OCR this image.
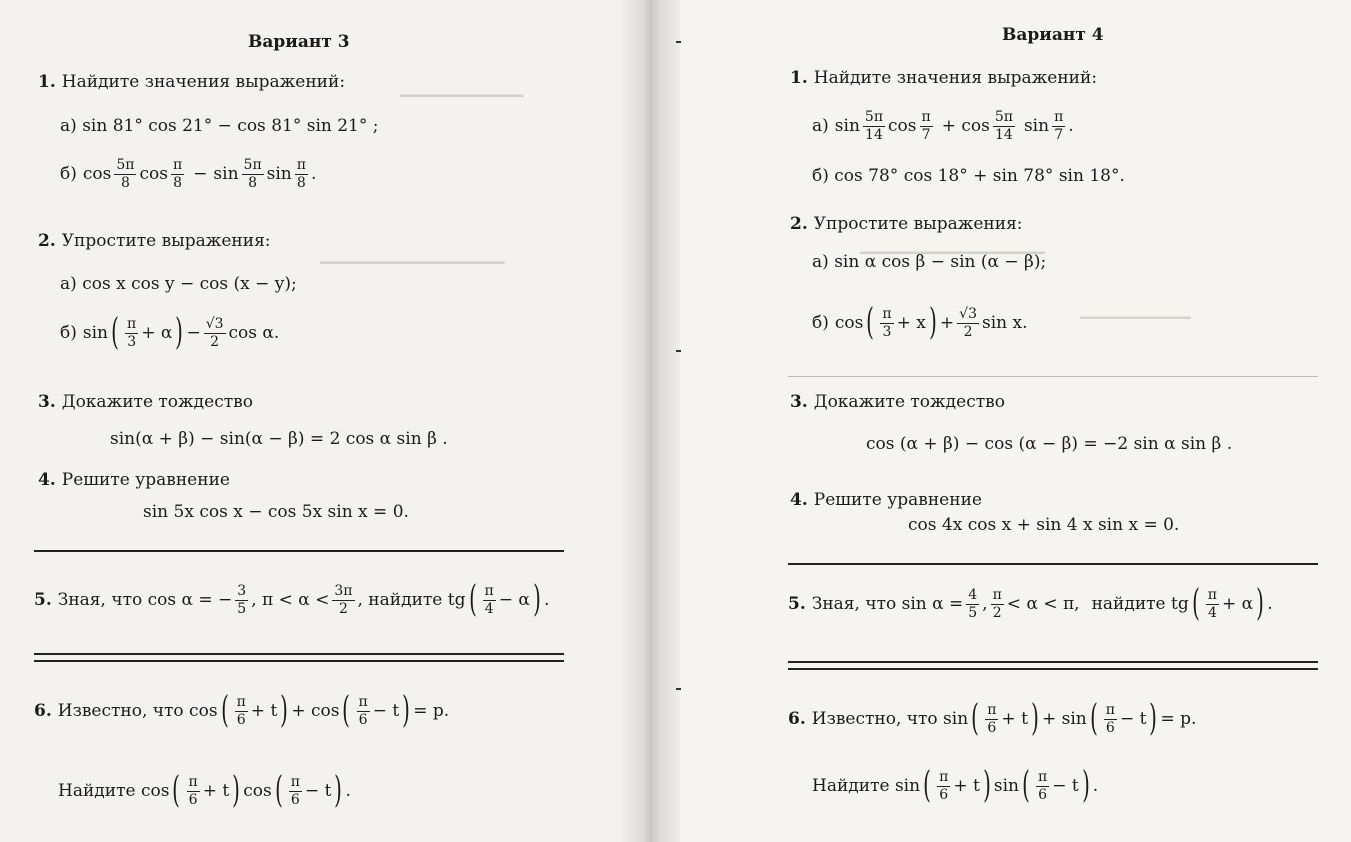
▁▁▁▁▁▁▁▁▁▁
▁▁▁▁▁▁▁▁▁▁▁▁▁▁▁
▁▁▁▁▁▁▁▁▁▁▁▁▁▁▁
▁▁▁▁▁▁▁▁▁
Вариант 3
1. Найдите значения выражений:
а) sin 81° cos 21° − cos 81° sin 21° ;
б) $\cos \frac{5\pi}{8}$ $\cos \frac{\pi}{8} - \sin \frac{5\pi}{8}$ $\sin \frac{\pi}{8}$ .
2. Упростите выражения:
а) cos x cos y − cos (x − y);
б) sin ( $\frac{\pi}{3} + \alpha$ ) − $\frac{√3}{2}$ cos α.
3. Докажите тождество
sin(α + β) − sin(α − β) = 2 cos α sin β .
4. Решите уравнение
sin 5x cos x − cos 5x sin x = 0.
5. Зная, что cos α = − $\frac{3}{5}$ , $\pi < \alpha < \frac{3\pi}{2}$ , найдите tg ( $\frac{\pi}{4} - \alpha$ ) .
6. Известно, что cos ( $\frac{\pi}{6} + t$ ) + cos ( $\frac{\pi}{6} - t$ ) = p.
Найдите cos ( $\frac{\pi}{6} + t$ ) cos ( $\frac{\pi}{6} - t$ ) .
Вариант 4
1. Найдите значения выражений:
а) $\sin \frac{5\pi}{14}$ $\cos \frac{\pi}{7} + \cos \frac{5\pi}{14}$ $\sin \frac{\pi}{7}$ .
б) cos 78° cos 18° + sin 78° sin 18°.
2. Упростите выражения:
а) sin α cos β − sin (α − β);
б) cos ( $\frac{\pi}{3} + x$ ) + $\frac{√3}{2}$ sin x.
3. Докажите тождество
cos (α + β) − cos (α − β) = −2 sin α sin β .
4. Решите уравнение
cos 4x cos x + sin 4 x sin x = 0.
5. Зная, что $\sin \alpha = \frac{4}{5}$ , $\frac{\pi}{2} < \alpha < \pi$, найдите tg ( $\frac{\pi}{4} + \alpha$ ) .
6. Известно, что sin ( $\frac{\pi}{6} + t$ ) + sin ( $\frac{\pi}{6} - t$ ) = p.
Найдите sin ( $\frac{\pi}{6} + t$ ) sin ( $\frac{\pi}{6} - t$ ) .
